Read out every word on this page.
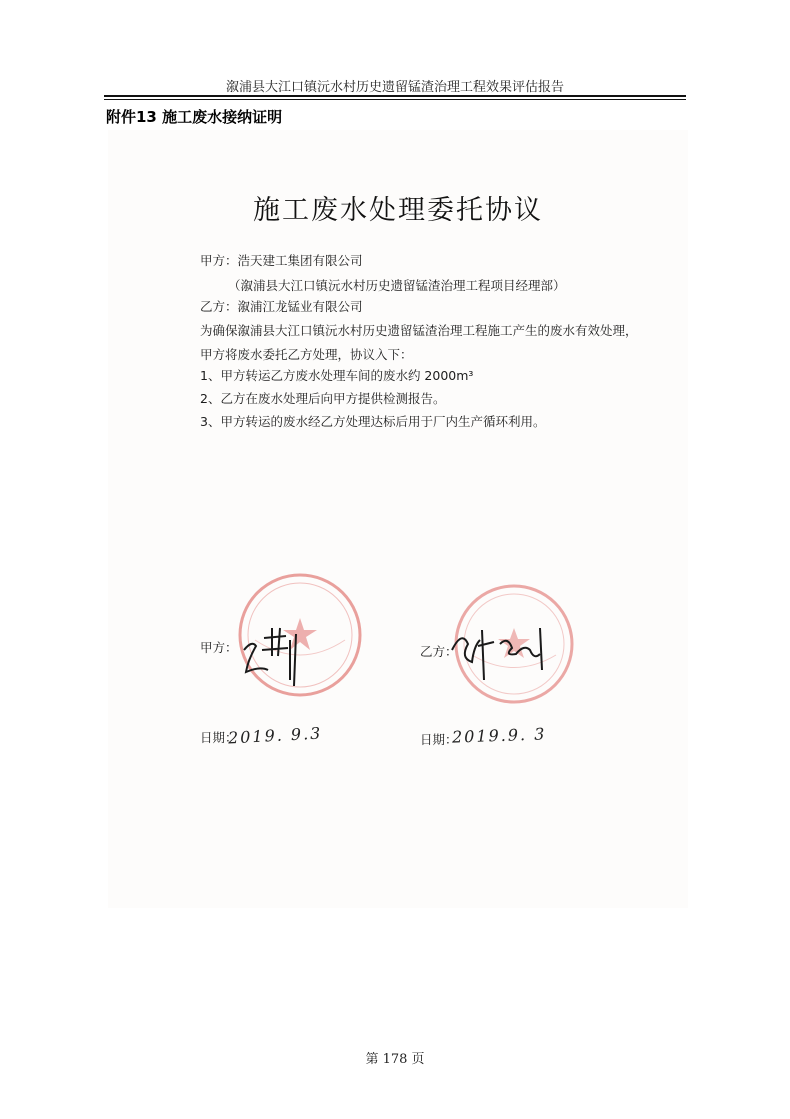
溆浦县大江口镇沅水村历史遗留锰渣治理工程效果评估报告
附件13 施工废水接纳证明
施工废水处理委托协议
甲方：浩天建工集团有限公司
（溆浦县大江口镇沅水村历史遗留锰渣治理工程项目经理部）
乙方：溆浦江龙锰业有限公司
为确保溆浦县大江口镇沅水村历史遗留锰渣治理工程施工产生的废水有效处理，
甲方将废水委托乙方处理，协议入下：
1、甲方转运乙方废水处理车间的废水约 2000m³
2、乙方在废水处理后向甲方提供检测报告。
3、甲方转运的废水经乙方处理达标后用于厂内生产循环利用。
甲方：	乙方：
日期：
2019. 9.3	日期：
2019.9. 3
第 178 页
